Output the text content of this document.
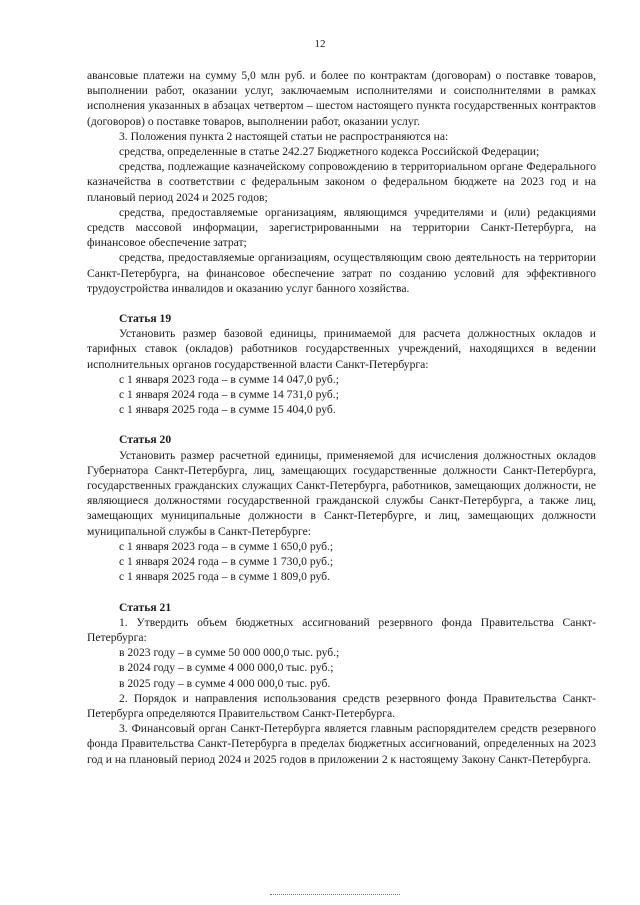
12

авансовые платежи на сумму 5,0 млн руб. и более по контрактам (договорам) о поставке товаров, выполнении работ, оказании услуг, заключаемым исполнителями и соисполнителями в рамках исполнения указанных в абзацах четвертом – шестом настоящего пункта государственных контрактов (договоров) о поставке товаров, выполнении работ, оказании услуг.

3. Положения пункта 2 настоящей статьи не распространяются на:

средства, определенные в статье 242.27 Бюджетного кодекса Российской Федерации;

средства, подлежащие казначейскому сопровождению в территориальном органе Федерального казначейства в соответствии с федеральным законом о федеральном бюджете на 2023 год и на плановый период 2024 и 2025 годов;

средства, предоставляемые организациям, являющимся учредителями и (или) редакциями средств массовой информации, зарегистрированными на территории Санкт-Петербурга, на финансовое обеспечение затрат;

средства, предоставляемые организациям, осуществляющим свою деятельность на территории Санкт-Петербурга, на финансовое обеспечение затрат по созданию условий для эффективного трудоустройства инвалидов и оказанию услуг банного хозяйства.

Статья 19

Установить размер базовой единицы, принимаемой для расчета должностных окладов и тарифных ставок (окладов) работников государственных учреждений, находящихся в ведении исполнительных органов государственной власти Санкт-Петербурга:

с 1 января 2023 года – в сумме 14 047,0 руб.;

с 1 января 2024 года – в сумме 14 731,0 руб.;

с 1 января 2025 года – в сумме 15 404,0 руб.

Статья 20

Установить размер расчетной единицы, применяемой для исчисления должностных окладов Губернатора Санкт-Петербурга, лиц, замещающих государственные должности Санкт-Петербурга, государственных гражданских служащих Санкт-Петербурга, работников, замещающих должности, не являющиеся должностями государственной гражданской службы Санкт-Петербурга, а также лиц, замещающих муниципальные должности в Санкт-Петербурге, и лиц, замещающих должности муниципальной службы в Санкт-Петербурге:

с 1 января 2023 года – в сумме 1 650,0 руб.;

с 1 января 2024 года – в сумме 1 730,0 руб.;

с 1 января 2025 года – в сумме 1 809,0 руб.

Статья 21

1. Утвердить объем бюджетных ассигнований резервного фонда Правительства Санкт-Петербурга:

в 2023 году – в сумме 50 000 000,0 тыс. руб.;

в 2024 году – в сумме 4 000 000,0 тыс. руб.;

в 2025 году – в сумме 4 000 000,0 тыс. руб.

2. Порядок и направления использования средств резервного фонда Правительства Санкт-Петербурга определяются Правительством Санкт-Петербурга.

3. Финансовый орган Санкт-Петербурга является главным распорядителем средств резервного фонда Правительства Санкт-Петербурга в пределах бюджетных ассигнований, определенных на 2023 год и на плановый период 2024 и 2025 годов в приложении 2 к настоящему Закону Санкт-Петербурга.
